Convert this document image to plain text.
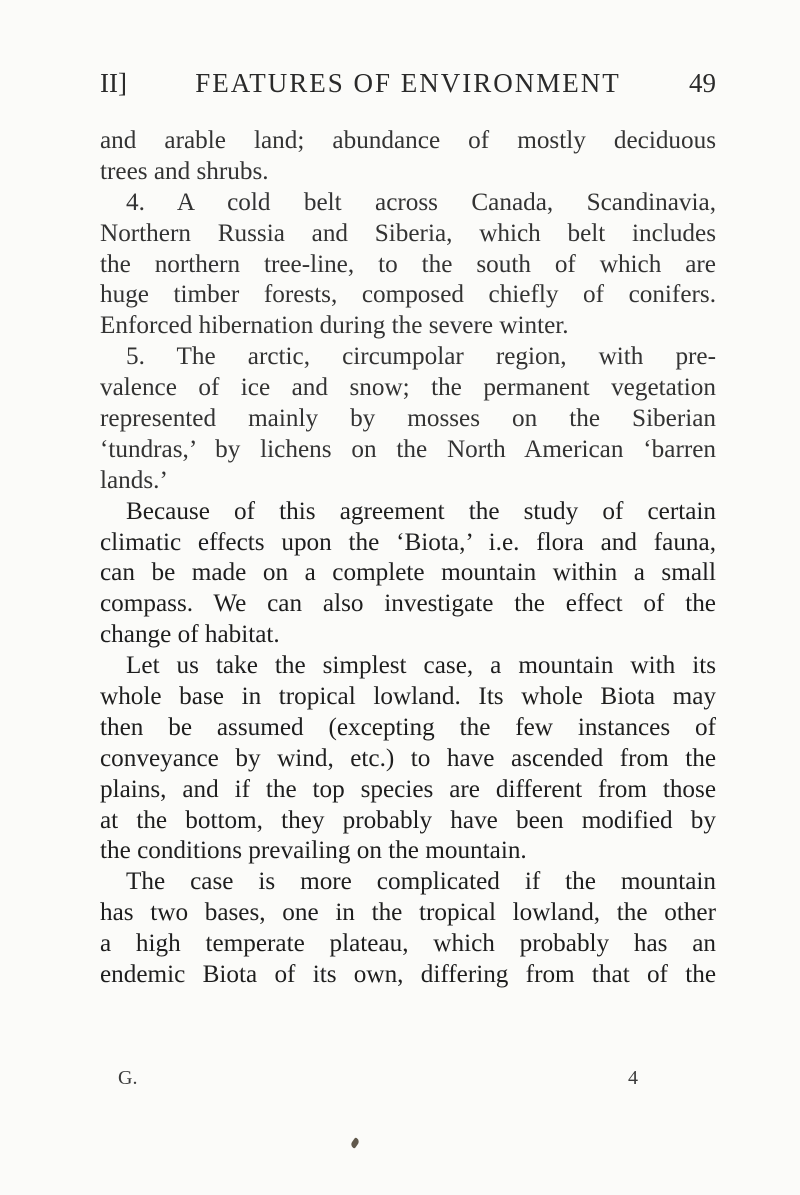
II]	FEATURES OF ENVIRONMENT	49
and arable land; abundance of mostly deciduous
trees and shrubs.
4. A cold belt across Canada, Scandinavia,
Northern Russia and Siberia, which belt includes
the northern tree-line, to the south of which are
huge timber forests, composed chiefly of conifers.
Enforced hibernation during the severe winter.
5. The arctic, circumpolar region, with pre-
valence of ice and snow; the permanent vegetation
represented mainly by mosses on the Siberian
‘tundras,’ by lichens on the North American ‘barren
lands.’
Because of this agreement the study of certain
climatic effects upon the ‘Biota,’ i.e. flora and fauna,
can be made on a complete mountain within a small
compass. We can also investigate the effect of the
change of habitat.
Let us take the simplest case, a mountain with its
whole base in tropical lowland. Its whole Biota may
then be assumed (excepting the few instances of
conveyance by wind, etc.) to have ascended from the
plains, and if the top species are different from those
at the bottom, they probably have been modified by
the conditions prevailing on the mountain.
The case is more complicated if the mountain
has two bases, one in the tropical lowland, the other
a high temperate plateau, which probably has an
endemic Biota of its own, differing from that of the
G.	4
